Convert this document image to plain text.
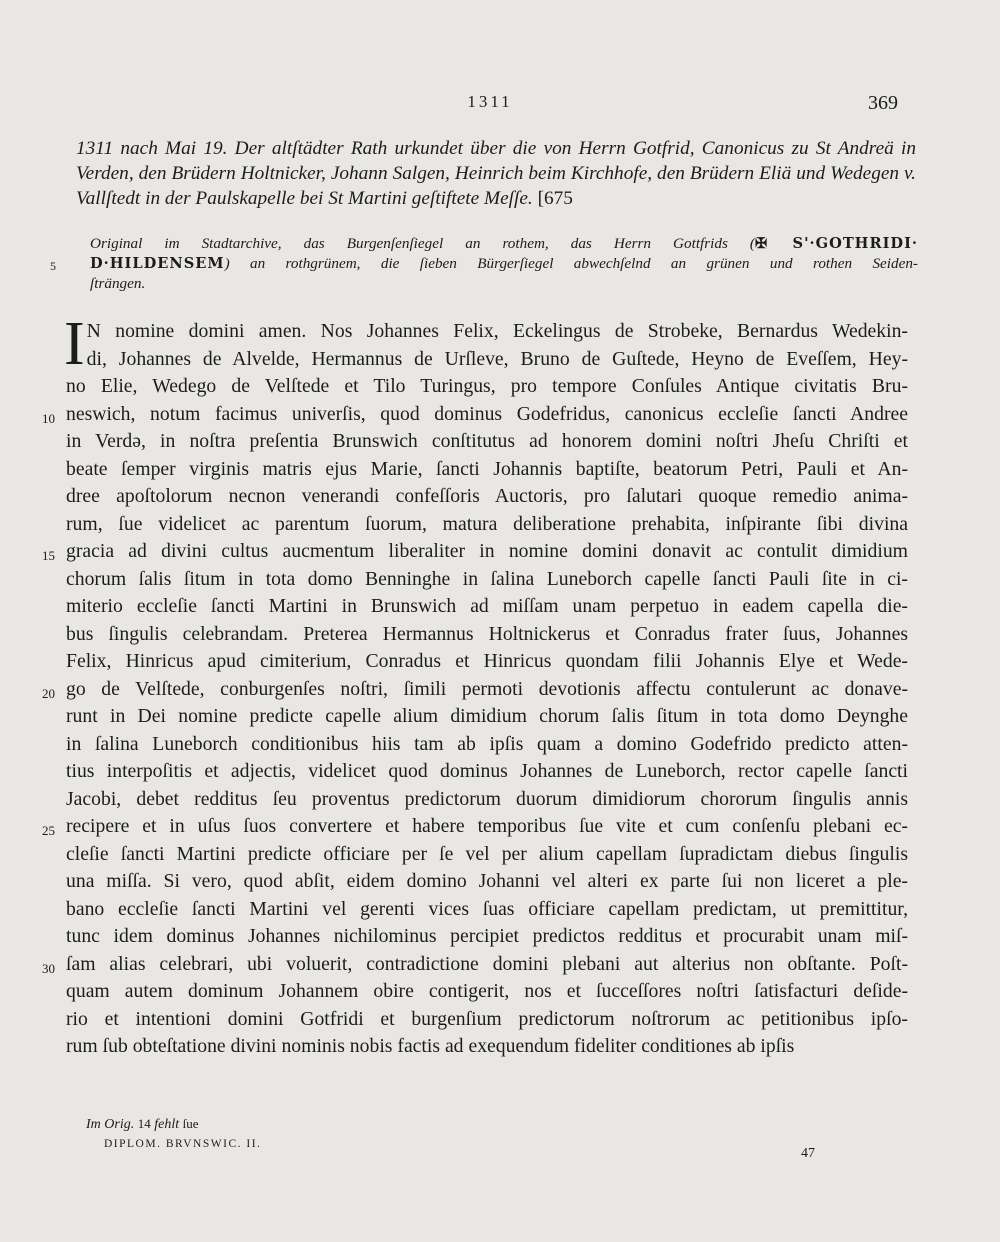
1311	369
1311 nach Mai 19. Der altſtädter Rath urkundet über die von Herrn Gotfrid, Canonicus zu St Andreä in Verden, den Brüdern Holtnicker, Johann Salgen, Heinrich beim Kirchhofe, den Brüdern Eliä und Wedegen v. Vallſtedt in der Paulskapelle bei St Martini geſtiftete Meſſe. [675
Original im Stadtarchive, das Burgenſenſiegel an rothem, das Herrn Gottfrids (✠ S'·GOTHRIDI·
5 D·HILDENSEM) an rothgrünem, die ſieben Bürgerſiegel abwechſelnd an grünen und rothen Seiden-
ſträngen.
I N nomine domini amen. Nos Johannes Felix, Eckelingus de Strobeke, Bernardus Wedekin-
di, Johannes de Alvelde, Hermannus de Urſleve, Bruno de Guſtede, Heyno de Eveſſem, Hey-
no Elie, Wedego de Velſtede et Tilo Turingus, pro tempore Conſules Antique civitatis Bru-
10 neswich, notum facimus univerſis, quod dominus Godefridus, canonicus eccleſie ſancti Andree
in Verdə, in noſtra preſentia Brunswich conſtitutus ad honorem domini noſtri Jheſu Chriſti et
beate ſemper virginis matris ejus Marie, ſancti Johannis baptiſte, beatorum Petri, Pauli et An-
dree apoſtolorum necnon venerandi confeſſoris Auctoris, pro ſalutari quoque remedio anima-
rum, ſue videlicet ac parentum ſuorum, matura deliberatione prehabita, inſpirante ſibi divina
15 gracia ad divini cultus aucmentum liberaliter in nomine domini donavit ac contulit dimidium
chorum ſalis ſitum in tota domo Benninghe in ſalina Luneborch capelle ſancti Pauli ſite in ci-
miterio eccleſie ſancti Martini in Brunswich ad miſſam unam perpetuo in eadem capella die-
bus ſingulis celebrandam. Preterea Hermannus Holtnickerus et Conradus frater ſuus, Johannes
Felix, Hinricus apud cimiterium, Conradus et Hinricus quondam filii Johannis Elye et Wede-
20 go de Velſtede, conburgenſes noſtri, ſimili permoti devotionis affectu contulerunt ac donave-
runt in Dei nomine predicte capelle alium dimidium chorum ſalis ſitum in tota domo Deynghe
in ſalina Luneborch conditionibus hiis tam ab ipſis quam a domino Godefrido predicto atten-
tius interpoſitis et adjectis, videlicet quod dominus Johannes de Luneborch, rector capelle ſancti
Jacobi, debet redditus ſeu proventus predictorum duorum dimidiorum chororum ſingulis annis
25 recipere et in uſus ſuos convertere et habere temporibus ſue vite et cum conſenſu plebani ec-
cleſie ſancti Martini predicte officiare per ſe vel per alium capellam ſupradictam diebus ſingulis
una miſſa. Si vero, quod abſit, eidem domino Johanni vel alteri ex parte ſui non liceret a ple-
bano eccleſie ſancti Martini vel gerenti vices ſuas officiare capellam predictam, ut premittitur,
tunc idem dominus Johannes nichilominus percipiet predictos redditus et procurabit unam miſ-
30 ſam alias celebrari, ubi voluerit, contradictione domini plebani aut alterius non obſtante. Poſt-
quam autem dominum Johannem obire contigerit, nos et ſucceſſores noſtri ſatisfacturi deſide-
rio et intentioni domini Gotfridi et burgenſium predictorum noſtrorum ac petitionibus ipſo-
rum ſub obteſtatione divini nominis nobis factis ad exequendum fideliter conditiones ab ipſis
Im Orig. 14 fehlt ſue
DIPLOM. BRVNSWIC. II.
47
